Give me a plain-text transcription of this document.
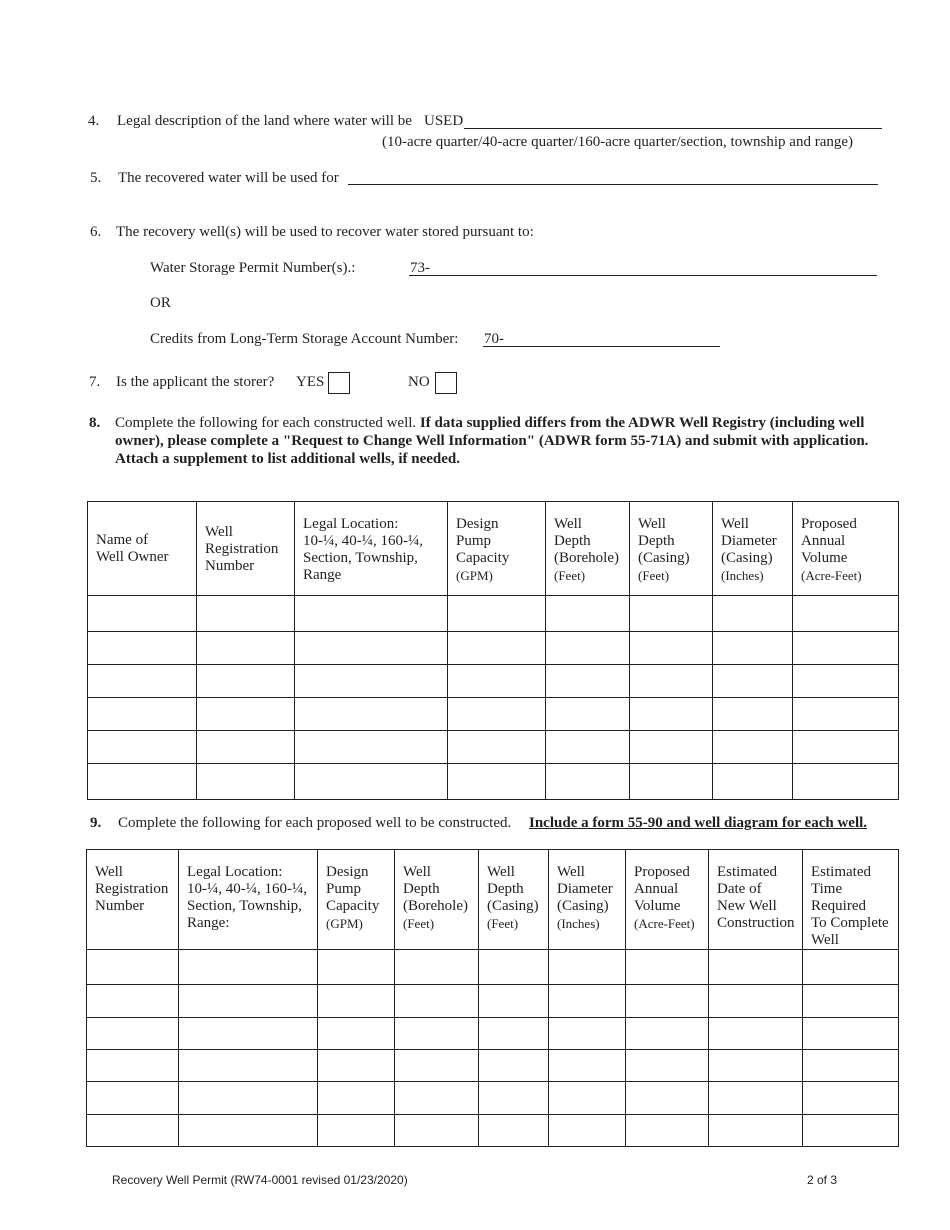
4. Legal description of the land where water will be USED
(10-acre quarter/40-acre quarter/160-acre quarter/section, township and range)
5. The recovered water will be used for
6. The recovery well(s) will be used to recover water stored pursuant to:
Water Storage Permit Number(s).:	73-
OR
Credits from Long-Term Storage Account Number: 70-
7. Is the applicant the storer? YES	NO
8. Complete the following for each constructed well. If data supplied differs from the ADWR Well Registry (including well owner), please complete a "Request to Change Well Information" (ADWR form 55-71A) and submit with application. Attach a supplement to list additional wells, if needed.
Name of
Well Owner	Well
Registration
Number	Legal Location:
10-¼, 40-¼, 160-¼,
Section, Township,
Range	Design
Pump
Capacity
(GPM)	Well
Depth
(Borehole)
(Feet)	Well
Depth
(Casing)
(Feet)	Well
Diameter
(Casing)
(Inches)	Proposed
Annual
Volume
(Acre-Feet)

9. Complete the following for each proposed well to be constructed. Include a form 55-90 and well diagram for each well.
Well
Registration
Number	Legal Location:
10-¼, 40-¼, 160-¼,
Section, Township,
Range:	Design
Pump
Capacity
(GPM)	Well
Depth
(Borehole)
(Feet)	Well
Depth
(Casing)
(Feet)	Well
Diameter
(Casing)
(Inches)	Proposed
Annual
Volume
(Acre-Feet)	Estimated
Date of
New Well
Construction	Estimated
Time
Required
To Complete
Well

Recovery Well Permit (RW74-0001 revised 01/23/2020)	2 of 3
